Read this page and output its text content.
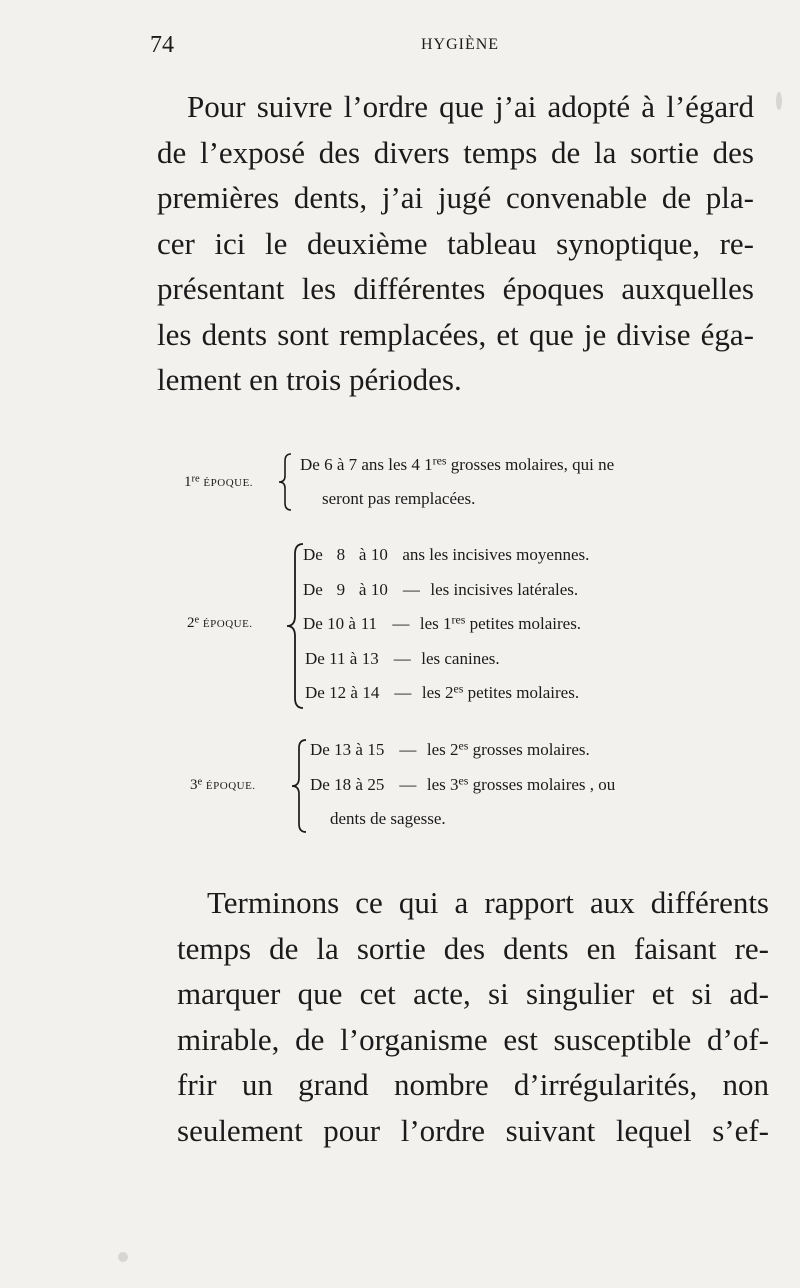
74	HYGIÈNE
Pour suivre l’ordre que j’ai adopté à l’égard
de l’exposé des divers temps de la sortie des
premières dents, j’ai jugé convenable de pla-
cer ici le deuxième tableau synoptique, re-
présentant les différentes époques auxquelles
les dents sont remplacées, et que je divise éga-
lement en trois périodes.
1re ÉPOQUE.
De 6 à 7 ans les 4 1res grosses molaires, qui ne
seront pas remplacées.
2e ÉPOQUE.
De 8 à 10 ans les incisives moyennes.
De 9 à 10 — les incisives latérales.
De 10 à 11 — les 1res petites molaires.
De 11 à 13 — les canines.
De 12 à 14 — les $2^{es}$ petites molaires.
3e ÉPOQUE.
De 13 à 15 — les $2^{es}$ grosses molaires.
De 18 à 25 — les $3^{es}$ grosses molaires , ou
dents de sagesse.
Terminons ce qui a rapport aux différents
temps de la sortie des dents en faisant re-
marquer que cet acte, si singulier et si ad-
mirable, de l’organisme est susceptible d’of-
frir un grand nombre d’irrégularités, non
seulement pour l’ordre suivant lequel s’ef-
